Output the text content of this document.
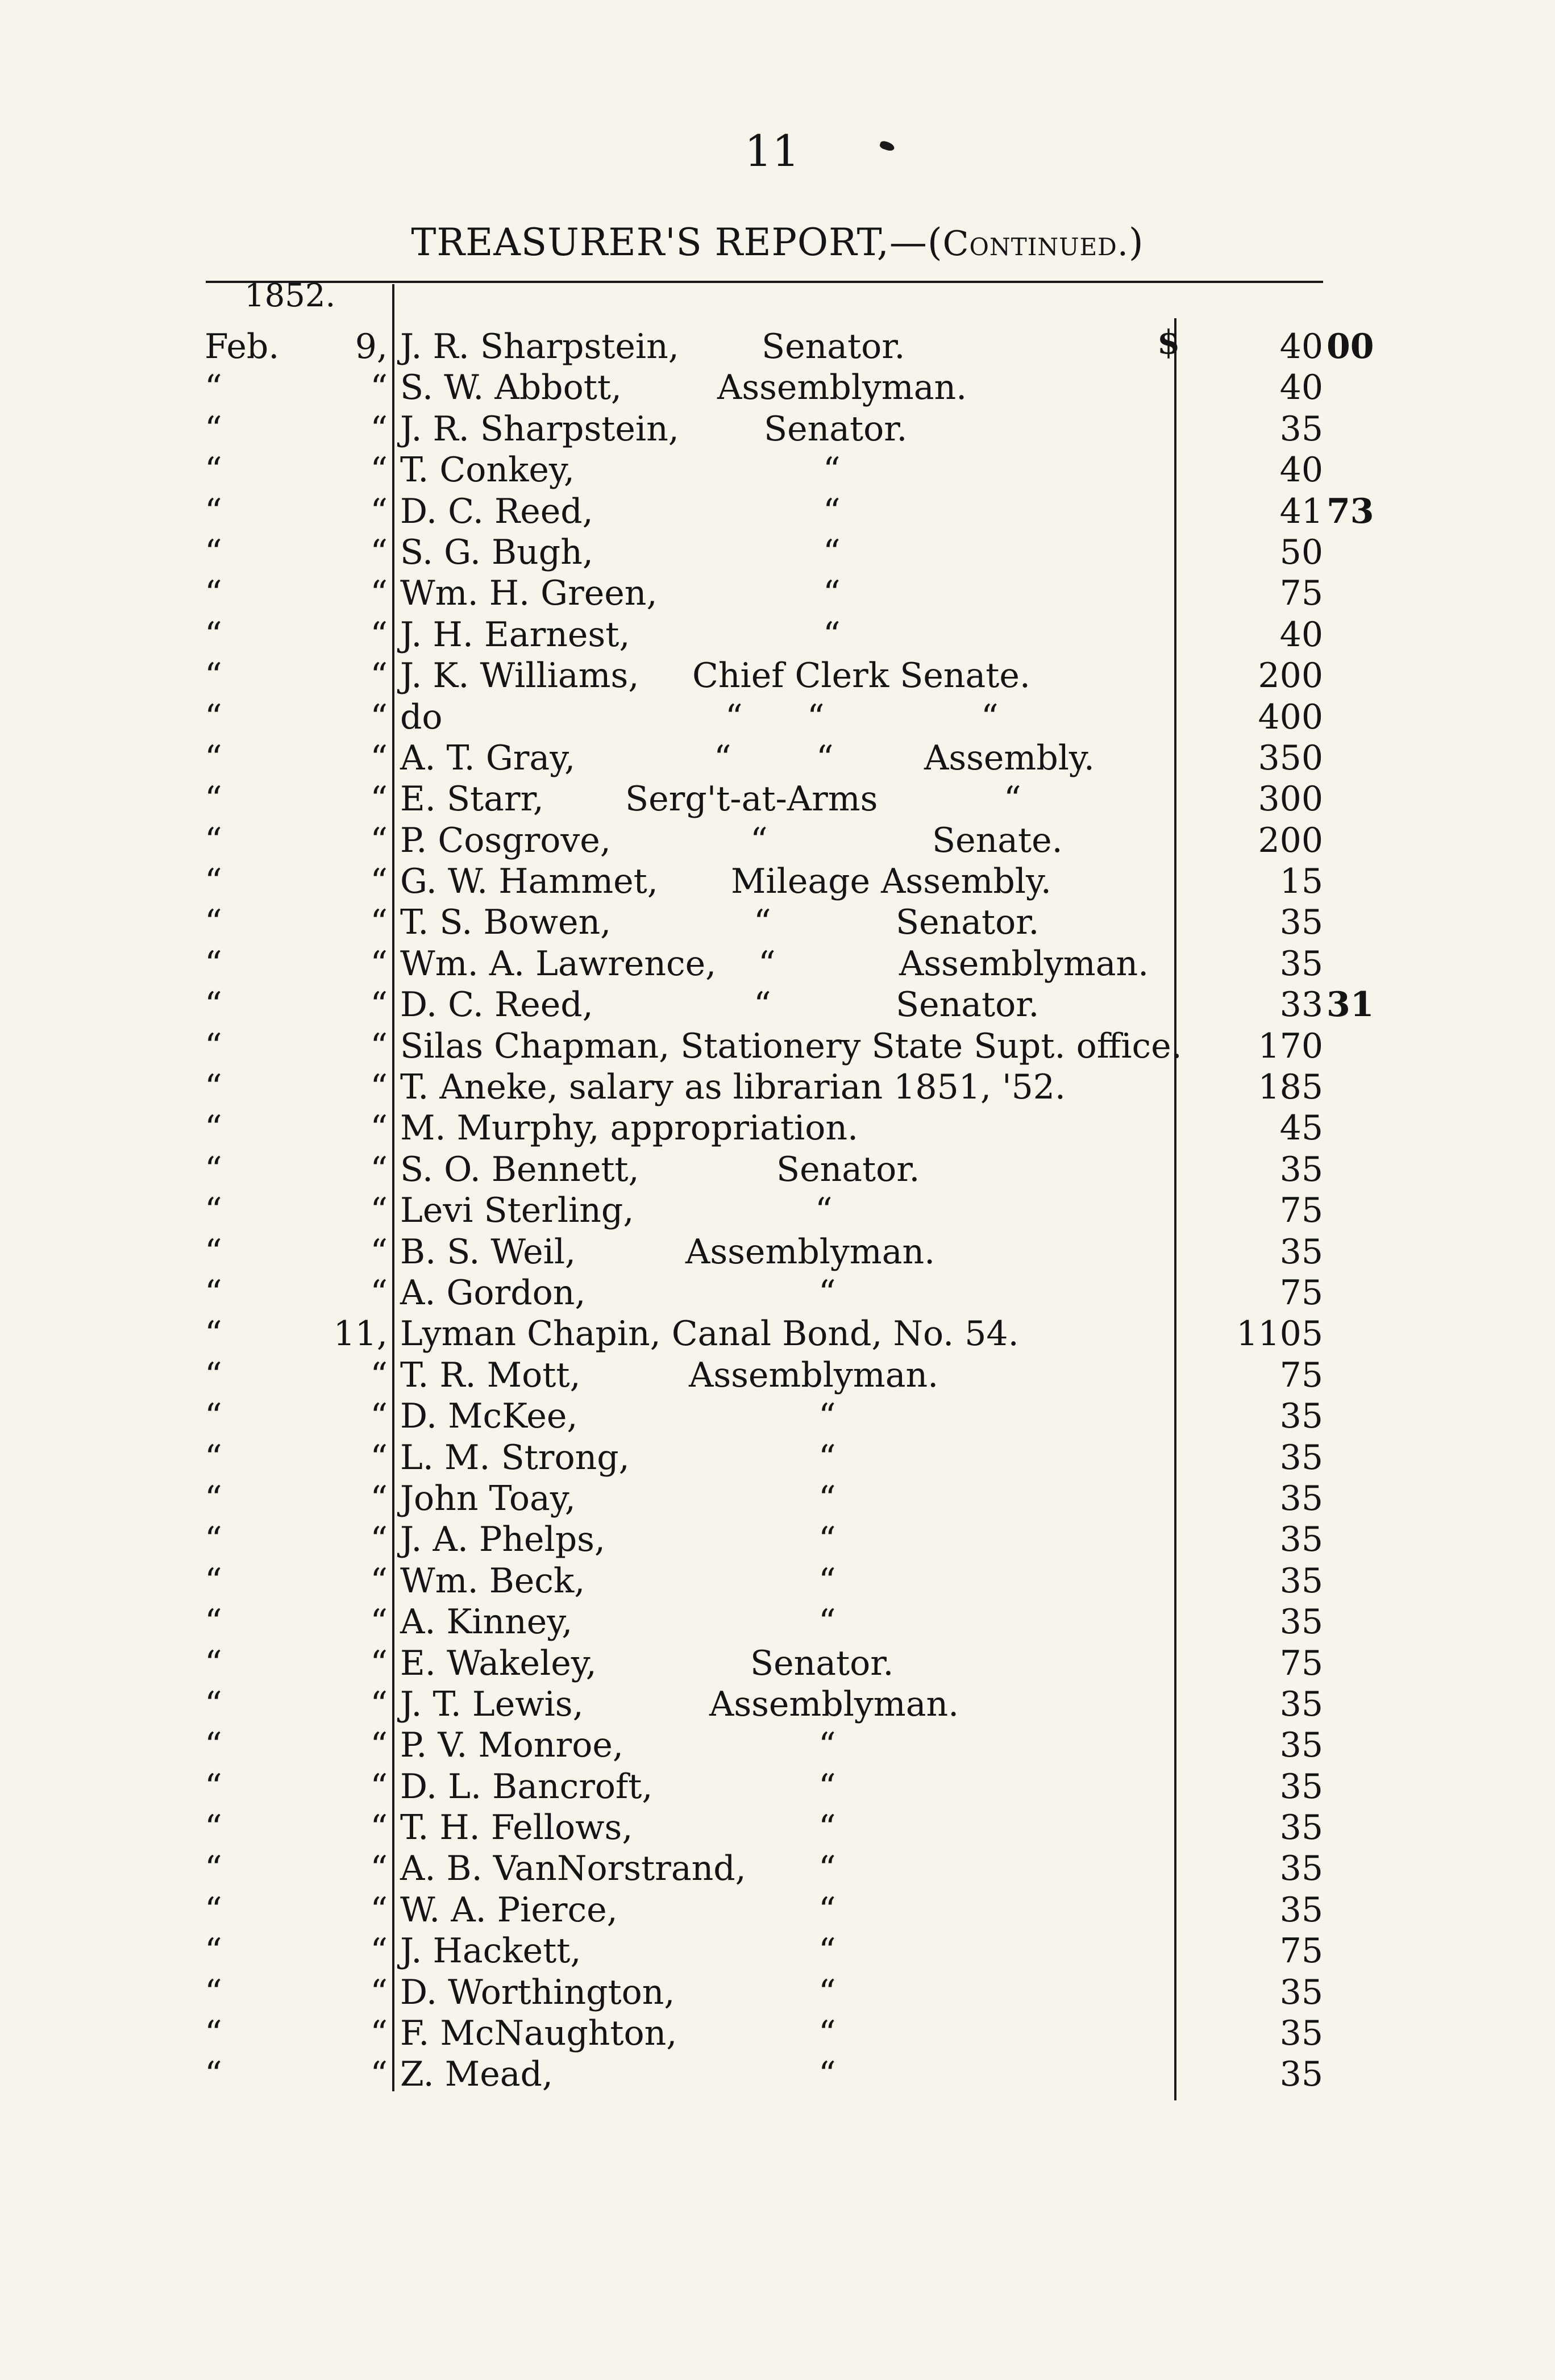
11
TREASURER'S REPORT,—(Continued.)
1852.
$
Feb.	9, J. R. Sharpstein, Senator.	40 00
“	“ S. W. Abbott,	Assemblyman.	40
“	“ J. R. Sharpstein, Senator.	35
“	“ T. Conkey,	“	40
“	“ D. C. Reed,	“	41 73
“	“ S. G. Bugh,	“	50
“	“ Wm. H. Green,	“	75
“	“ J. H. Earnest,	“	40
“	“ J. K. Williams, Chief Clerk Senate.	200
“	“ do	“ “	“	400
“	“ A. T. Gray,	“ “	Assembly.	350
“	“ E. Starr, Serg't-at-Arms	“	300
“	“ P. Cosgrove,	“	Senate.	200
“	“ G. W. Hammet, Mileage Assembly.	15
“	“ T. S. Bowen,	“	Senator.	35
“	“ Wm. A. Lawrence, “	Assemblyman.	35
“	“ D. C. Reed,	“	Senator.	33 31
“	“ Silas Chapman, Stationery State Supt. office.	170
“	“ T. Aneke, salary as librarian 1851, '52.	185
“	“ M. Murphy, appropriation.	45
“	“ S. O. Bennett,	Senator.	35
“	“ Levi Sterling,	“	75
“	“ B. S. Weil,	Assemblyman.	35
“	“ A. Gordon,	“	75
“	11, Lyman Chapin, Canal Bond, No. 54.	1105
“	“ T. R. Mott,	Assemblyman.	75
“	“ D. McKee,	“	35
“	“ L. M. Strong,	“	35
“	“ John Toay,	“	35
“	“ J. A. Phelps,	“	35
“	“ Wm. Beck,	“	35
“	“ A. Kinney,	“	35
“	“ E. Wakeley,	Senator.	75
“	“ J. T. Lewis,	Assemblyman.	35
“	“ P. V. Monroe,	“	35
“	“ D. L. Bancroft,	“	35
“	“ T. H. Fellows,	“	35
“	“ A. B. VanNorstrand, “	35
“	“ W. A. Pierce,	“	35
“	“ J. Hackett,	“	75
“	“ D. Worthington,	“	35
“	“ F. McNaughton,	“	35
“	“ Z. Mead,	“	35
